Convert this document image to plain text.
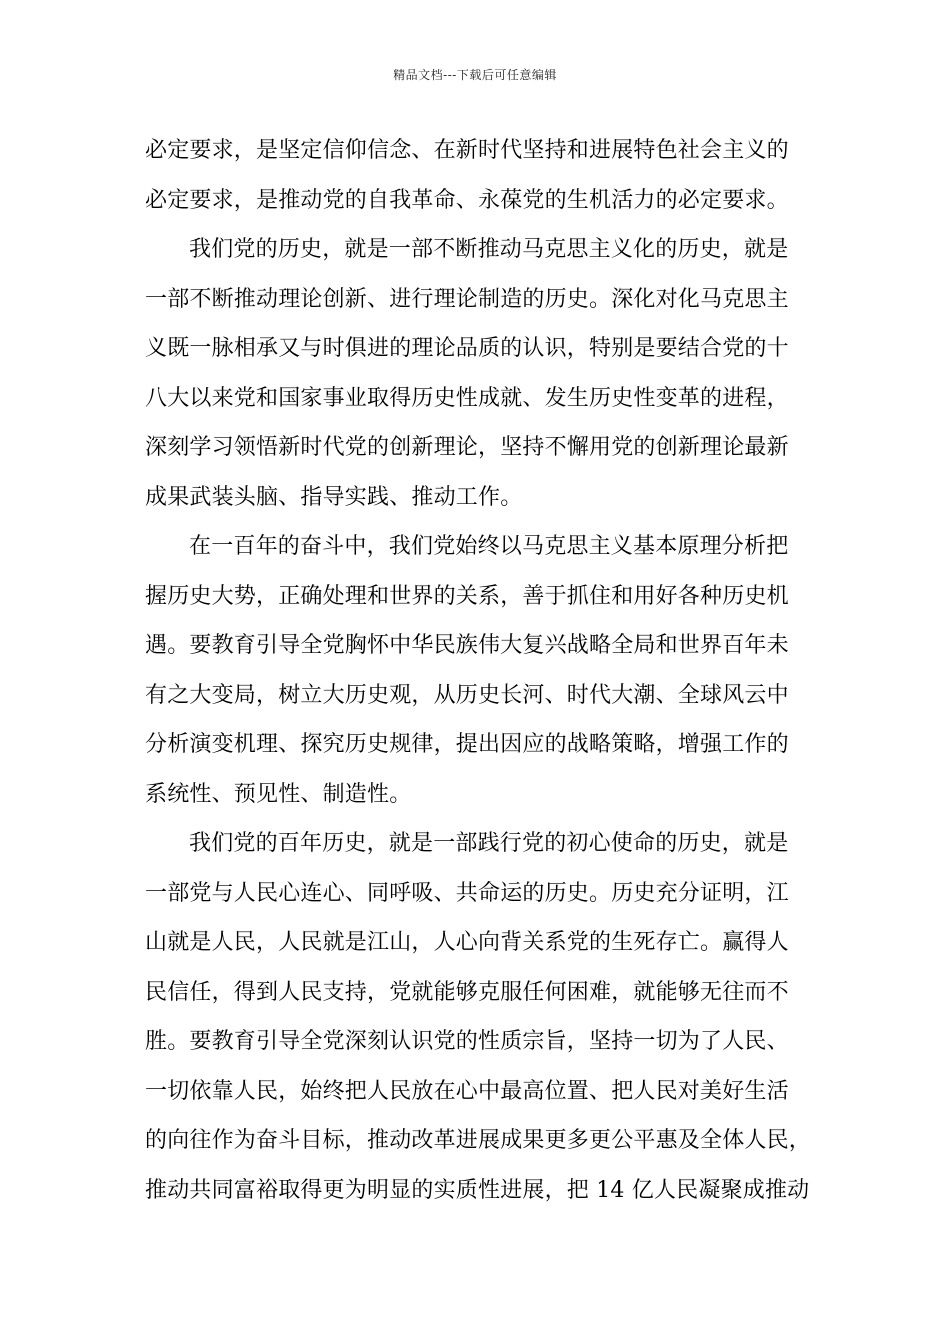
精品文档---下载后可任意编辑
必定要求，是坚定信仰信念、在新时代坚持和进展特色社会主义的
必定要求，是推动党的自我革命、永葆党的生机活力的必定要求。
我们党的历史，就是一部不断推动马克思主义化的历史，就是
一部不断推动理论创新、进行理论制造的历史。深化对化马克思主
义既一脉相承又与时俱进的理论品质的认识，特别是要结合党的十
八大以来党和国家事业取得历史性成就、发生历史性变革的进程，
深刻学习领悟新时代党的创新理论，坚持不懈用党的创新理论最新
成果武装头脑、指导实践、推动工作。
在一百年的奋斗中，我们党始终以马克思主义基本原理分析把
握历史大势，正确处理和世界的关系，善于抓住和用好各种历史机
遇。要教育引导全党胸怀中华民族伟大复兴战略全局和世界百年未
有之大变局，树立大历史观，从历史长河、时代大潮、全球风云中
分析演变机理、探究历史规律，提出因应的战略策略，增强工作的
系统性、预见性、制造性。
我们党的百年历史，就是一部践行党的初心使命的历史，就是
一部党与人民心连心、同呼吸、共命运的历史。历史充分证明，江
山就是人民，人民就是江山，人心向背关系党的生死存亡。赢得人
民信任，得到人民支持，党就能够克服任何困难，就能够无往而不
胜。要教育引导全党深刻认识党的性质宗旨，坚持一切为了人民、
一切依靠人民，始终把人民放在心中最高位置、把人民对美好生活
的向往作为奋斗目标，推动改革进展成果更多更公平惠及全体人民，
推动共同富裕取得更为明显的实质性进展，把 14 亿人民凝聚成推动
